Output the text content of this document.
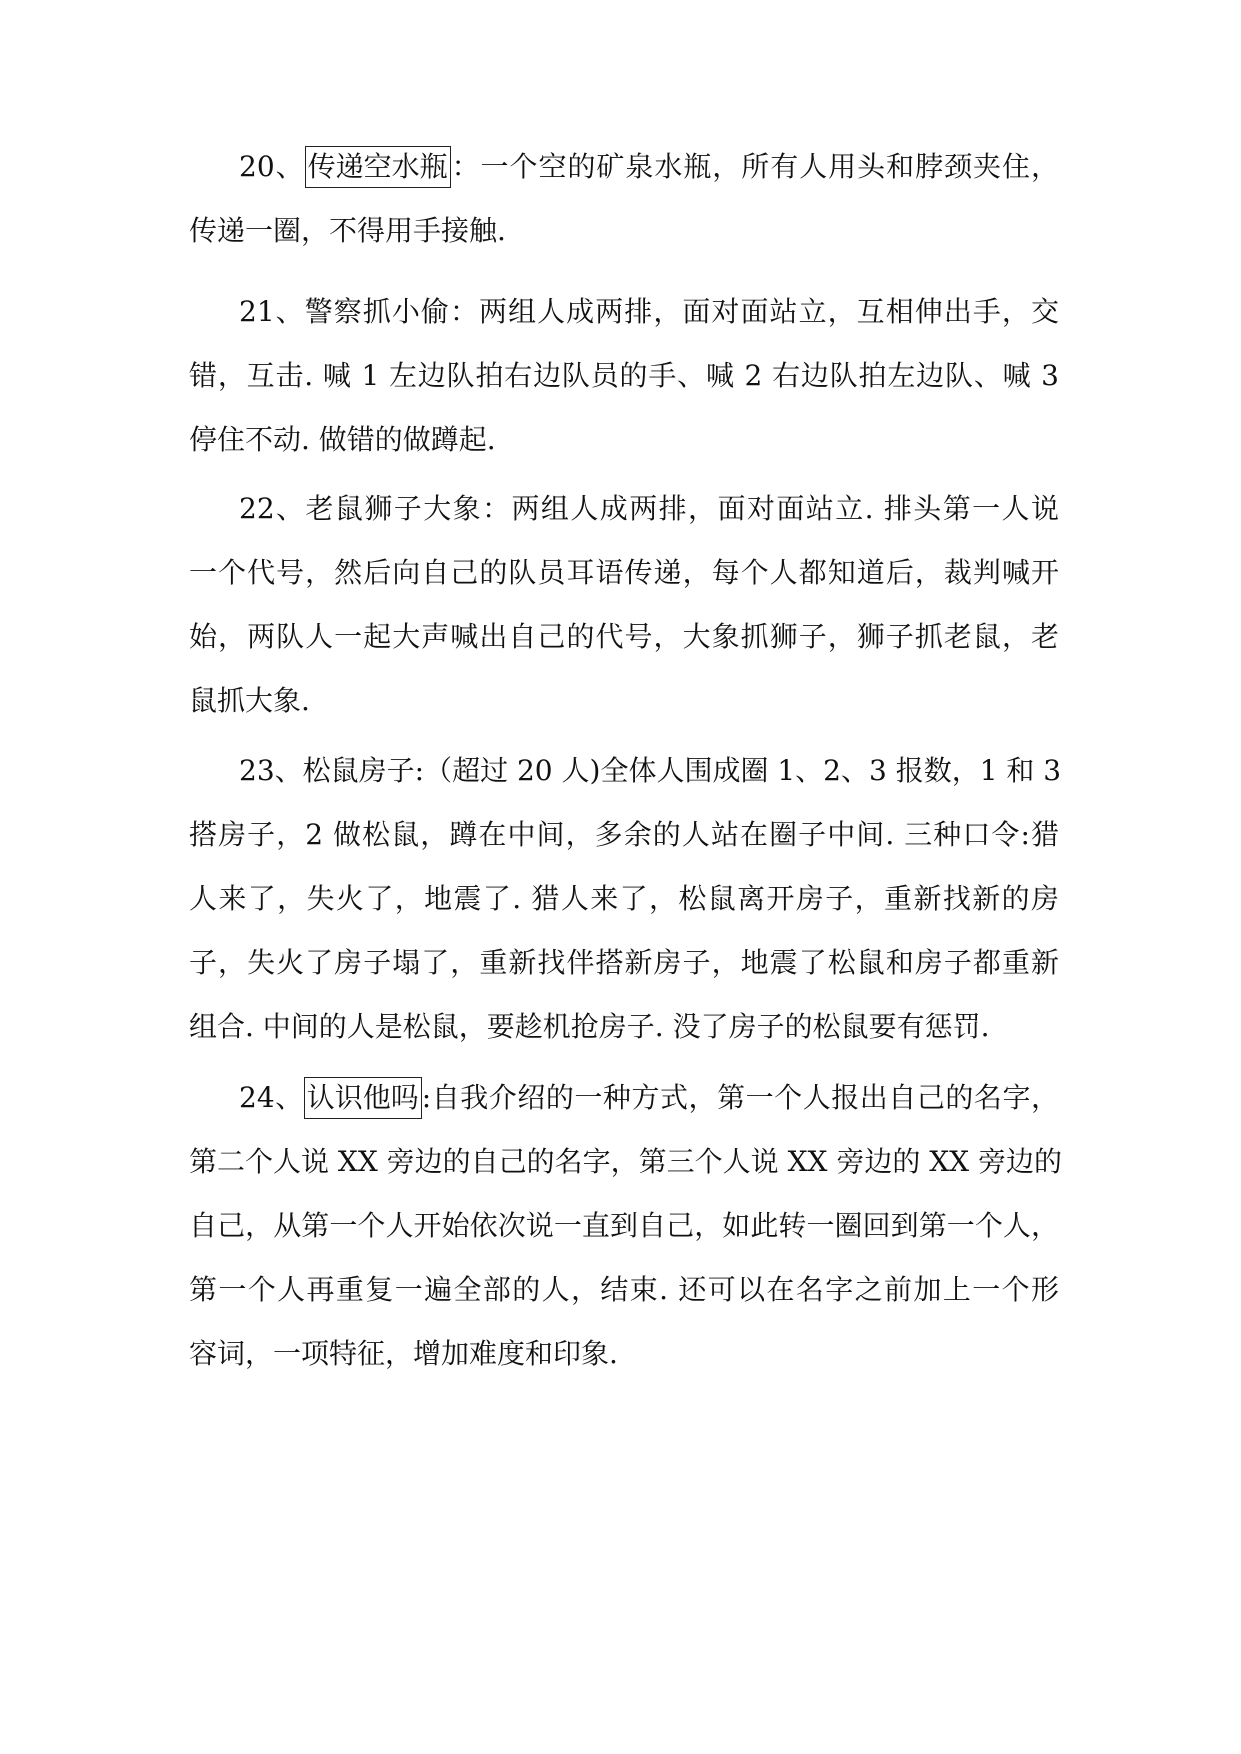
20、 传递空水瓶 ：一个空的矿泉水瓶，所有人用头和脖颈夹住，
传递一圈，不得用手接触.
21、警察抓小偷：两组人成两排，面对面站立，互相伸出手，交
错，互击. 喊 1 左边队拍右边队员的手、喊 2 右边队拍左边队、喊 3
停住不动. 做错的做蹲起.
22、老鼠狮子大象：两组人成两排，面对面站立. 排头第一人说
一个代号，然后向自己的队员耳语传递，每个人都知道后，裁判喊开
始，两队人一起大声喊出自己的代号，大象抓狮子，狮子抓老鼠，老
鼠抓大象.
23、松鼠房子:（超过 20 人)全体人围成圈 1、2、3 报数，1 和 3
搭房子，2 做松鼠，蹲在中间，多余的人站在圈子中间. 三种口令:猎
人来了，失火了，地震了. 猎人来了，松鼠离开房子，重新找新的房
子，失火了房子塌了，重新找伴搭新房子，地震了松鼠和房子都重新
组合. 中间的人是松鼠，要趁机抢房子. 没了房子的松鼠要有惩罚.
24、 认识他吗 :自我介绍的一种方式，第一个人报出自己的名字，
第二个人说 XX 旁边的自己的名字，第三个人说 XX 旁边的 XX 旁边的
自己，从第一个人开始依次说一直到自己，如此转一圈回到第一个人，
第一个人再重复一遍全部的人，结束. 还可以在名字之前加上一个形
容词，一项特征，增加难度和印象.
